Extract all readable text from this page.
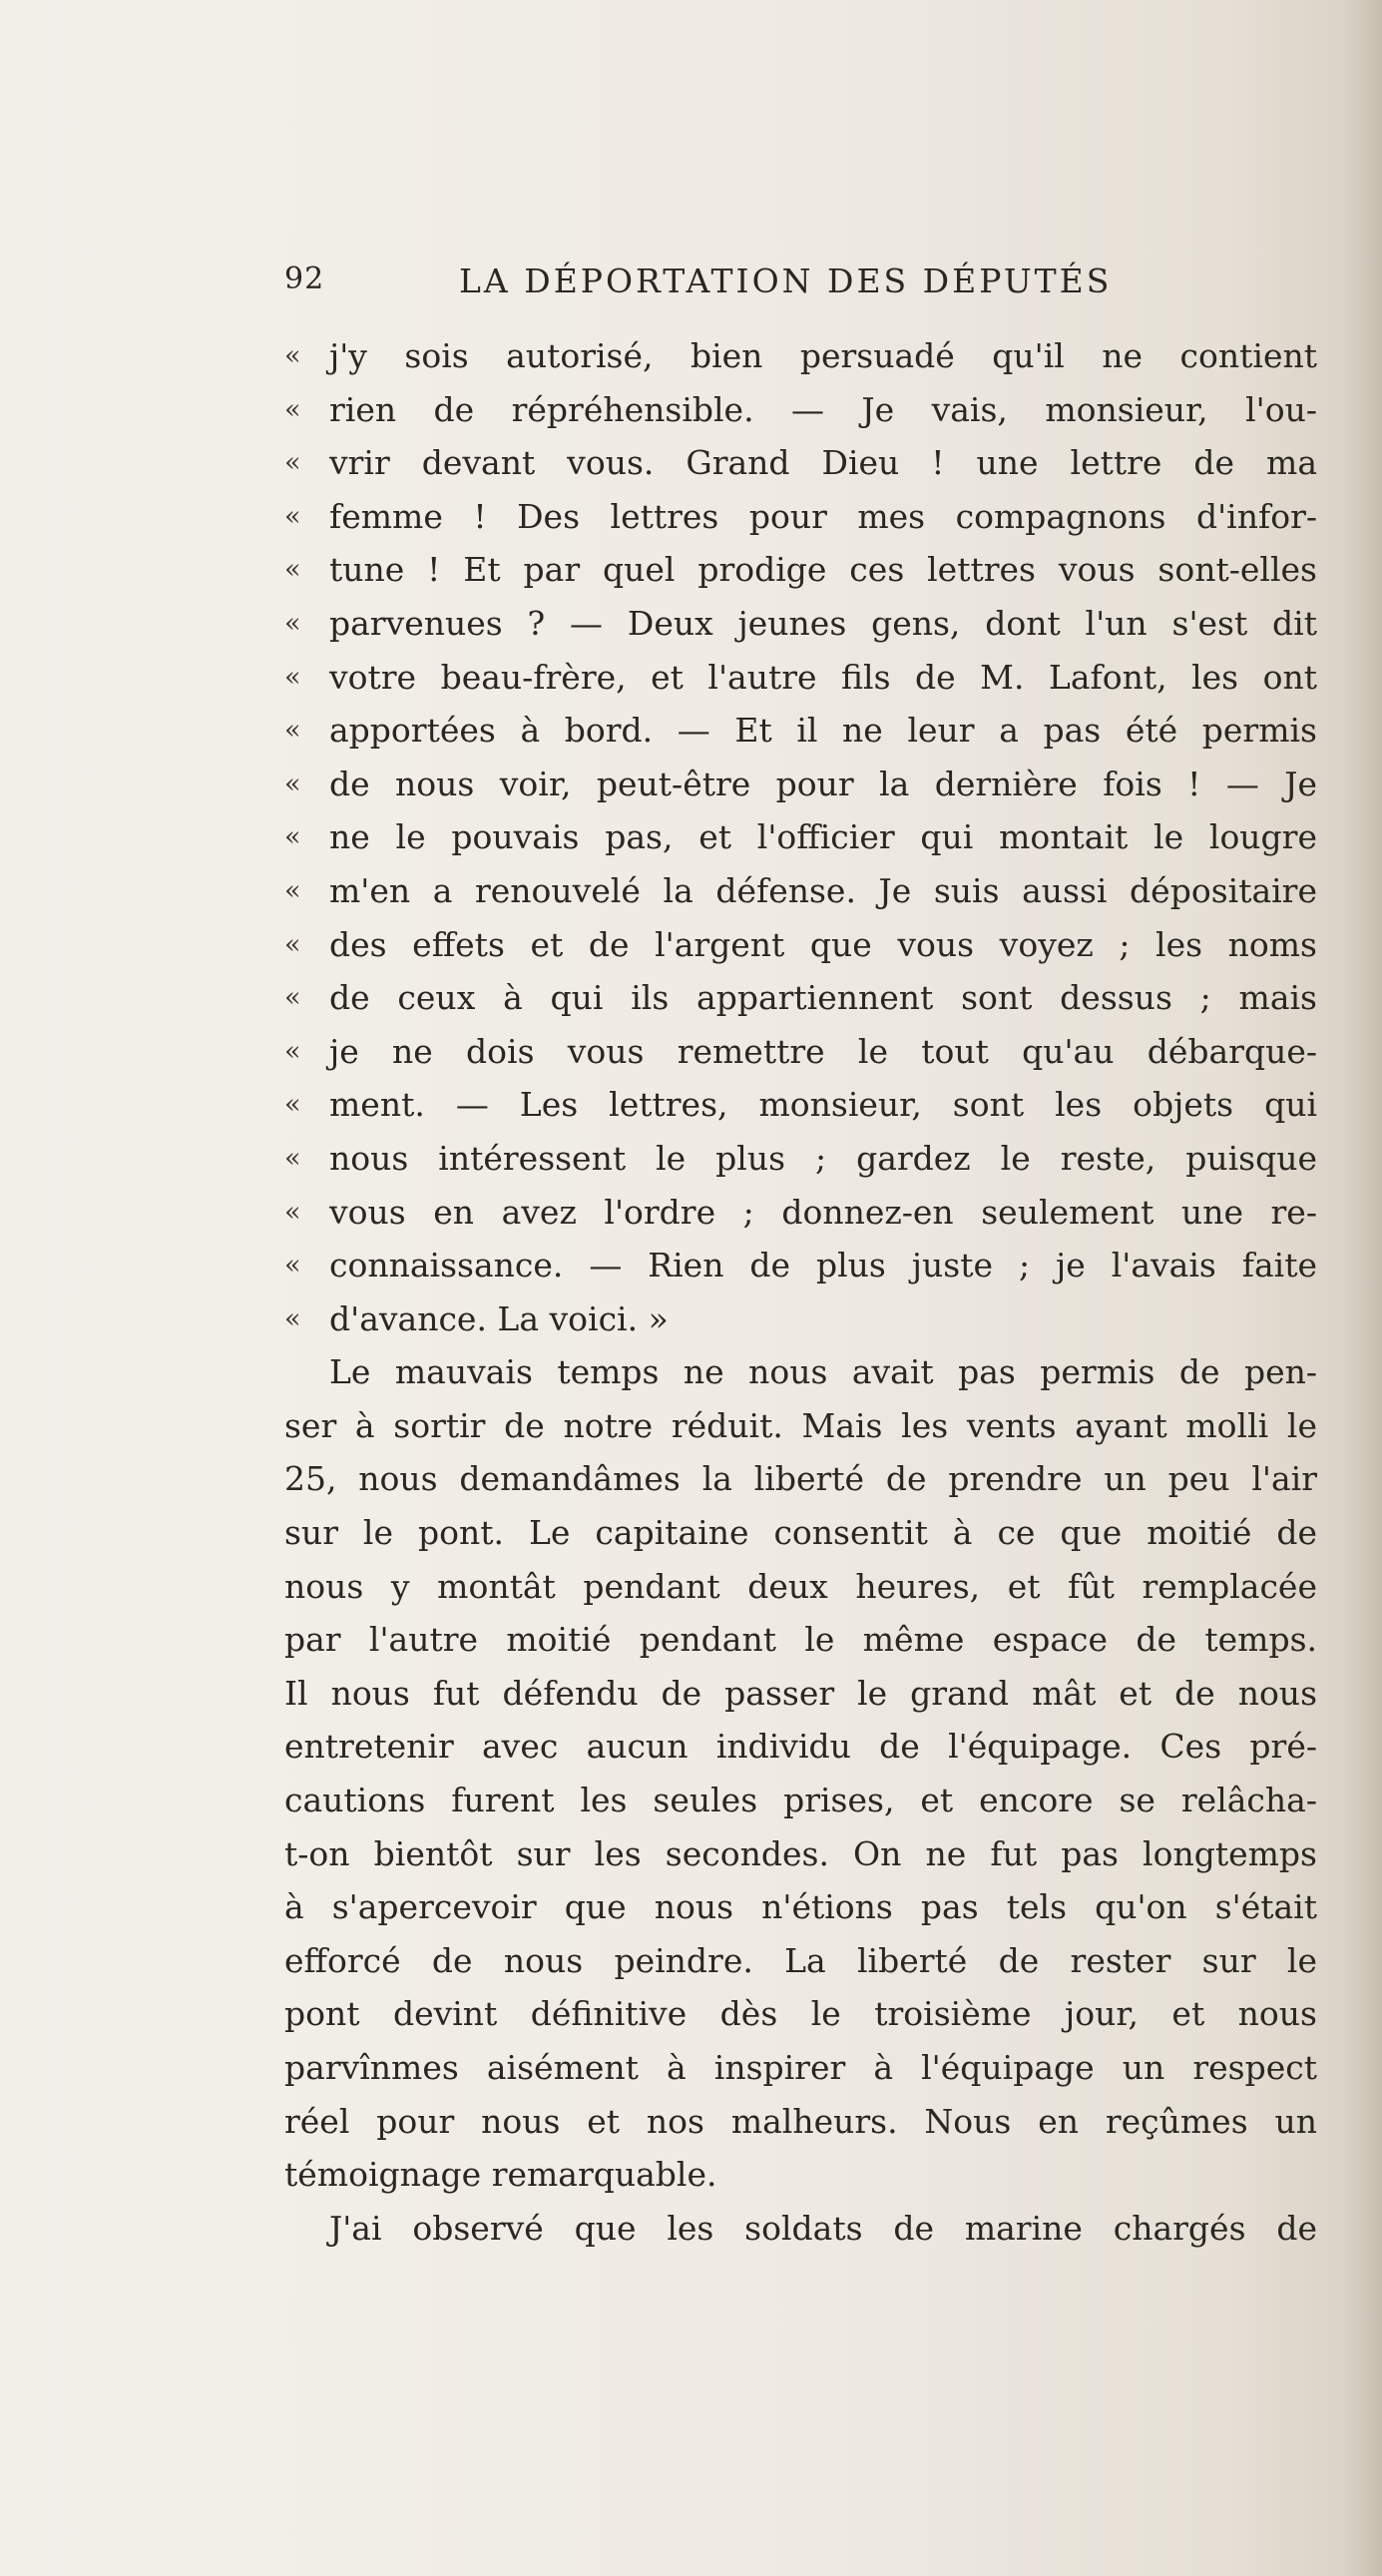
92	LA DÉPORTATION DES DÉPUTÉS
« j'y sois autorisé, bien persuadé qu'il ne contient
« rien de répréhensible. — Je vais, monsieur, l'ou-
« vrir devant vous. Grand Dieu ! une lettre de ma
« femme ! Des lettres pour mes compagnons d'infor-
« tune ! Et par quel prodige ces lettres vous sont-elles
« parvenues ? — Deux jeunes gens, dont l'un s'est dit
« votre beau-frère, et l'autre fils de M. Lafont, les ont
« apportées à bord. — Et il ne leur a pas été permis
« de nous voir, peut-être pour la dernière fois ! — Je
« ne le pouvais pas, et l'officier qui montait le lougre
« m'en a renouvelé la défense. Je suis aussi dépositaire
« des effets et de l'argent que vous voyez ; les noms
« de ceux à qui ils appartiennent sont dessus ; mais
« je ne dois vous remettre le tout qu'au débarque-
« ment. — Les lettres, monsieur, sont les objets qui
« nous intéressent le plus ; gardez le reste, puisque
« vous en avez l'ordre ; donnez-en seulement une re-
« connaissance. — Rien de plus juste ; je l'avais faite
« d'avance. La voici. »
Le mauvais temps ne nous avait pas permis de pen-
ser à sortir de notre réduit. Mais les vents ayant molli le
25, nous demandâmes la liberté de prendre un peu l'air
sur le pont. Le capitaine consentit à ce que moitié de
nous y montât pendant deux heures, et fût remplacée
par l'autre moitié pendant le même espace de temps.
Il nous fut défendu de passer le grand mât et de nous
entretenir avec aucun individu de l'équipage. Ces pré-
cautions furent les seules prises, et encore se relâcha-
t-on bientôt sur les secondes. On ne fut pas longtemps
à s'apercevoir que nous n'étions pas tels qu'on s'était
efforcé de nous peindre. La liberté de rester sur le
pont devint définitive dès le troisième jour, et nous
parvînmes aisément à inspirer à l'équipage un respect
réel pour nous et nos malheurs. Nous en reçûmes un
témoignage remarquable.
J'ai observé que les soldats de marine chargés de
